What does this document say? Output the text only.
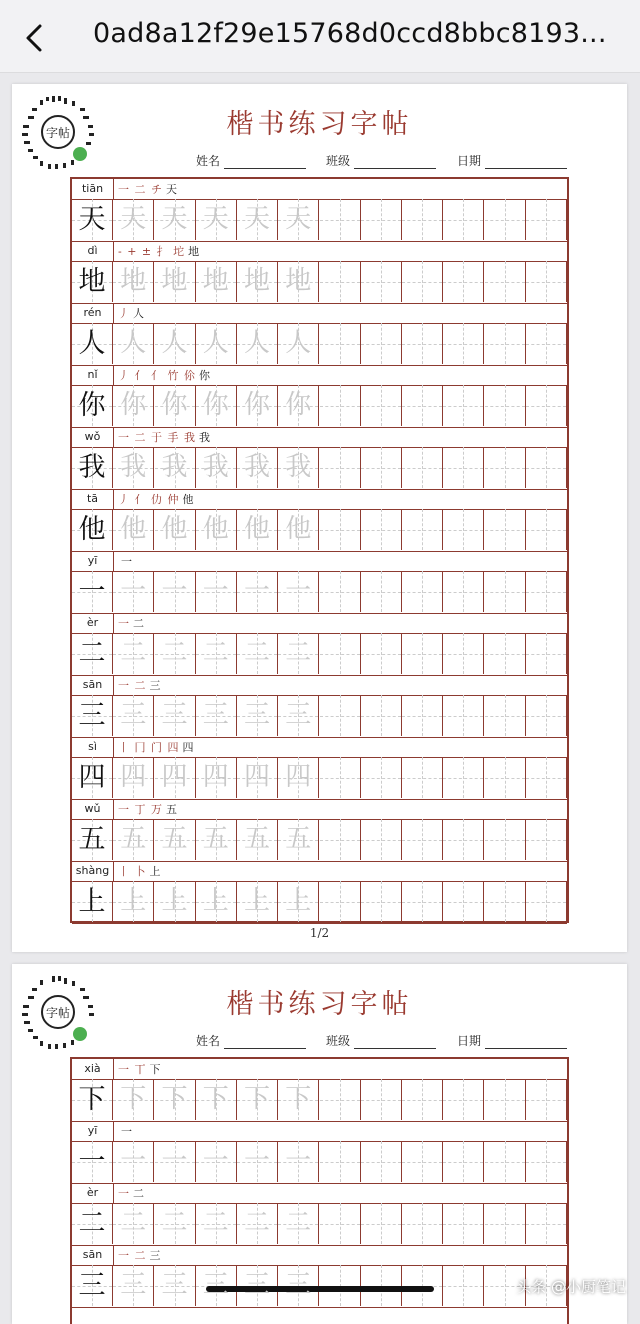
0ad8a12f29e15768d0ccd8bbc8193...
字帖	楷书练习字帖
姓名	班级	日期
tiān	一 二 チ 天
天 天 天 天 天 天
dì	- + ± 扌 坨 地
地 地 地 地 地 地
rén	丿 人
人 人 人 人 人 人
nǐ	丿 亻 亻 竹 伱 你
你 你 你 你 你 你
wǒ	一 二 于 手 我 我
我 我 我 我 我 我
tā	丿 亻 仂 仲 他
他 他 他 他 他 他
yī	一
一 一 一 一 一 一
èr	一 二
二 二 二 二 二 二
sān	一 二 三
三 三 三 三 三 三
sì	丨 冂 门 四 四
四 四 四 四 四 四
wǔ	一 丁 万 五
五 五 五 五 五 五
shàng 丨 卜 上
上 上 上 上 上 上
1/2
字帖	楷书练习字帖
姓名	班级	日期
xià	一 丅 下
下 下 下 下 下 下
yī	一
一 一 一 一 一 一
èr	一 二
二 二 二 二 二 二
sān	一 二 三
三 三 三 三 三 三	头条 @小厨笔记
